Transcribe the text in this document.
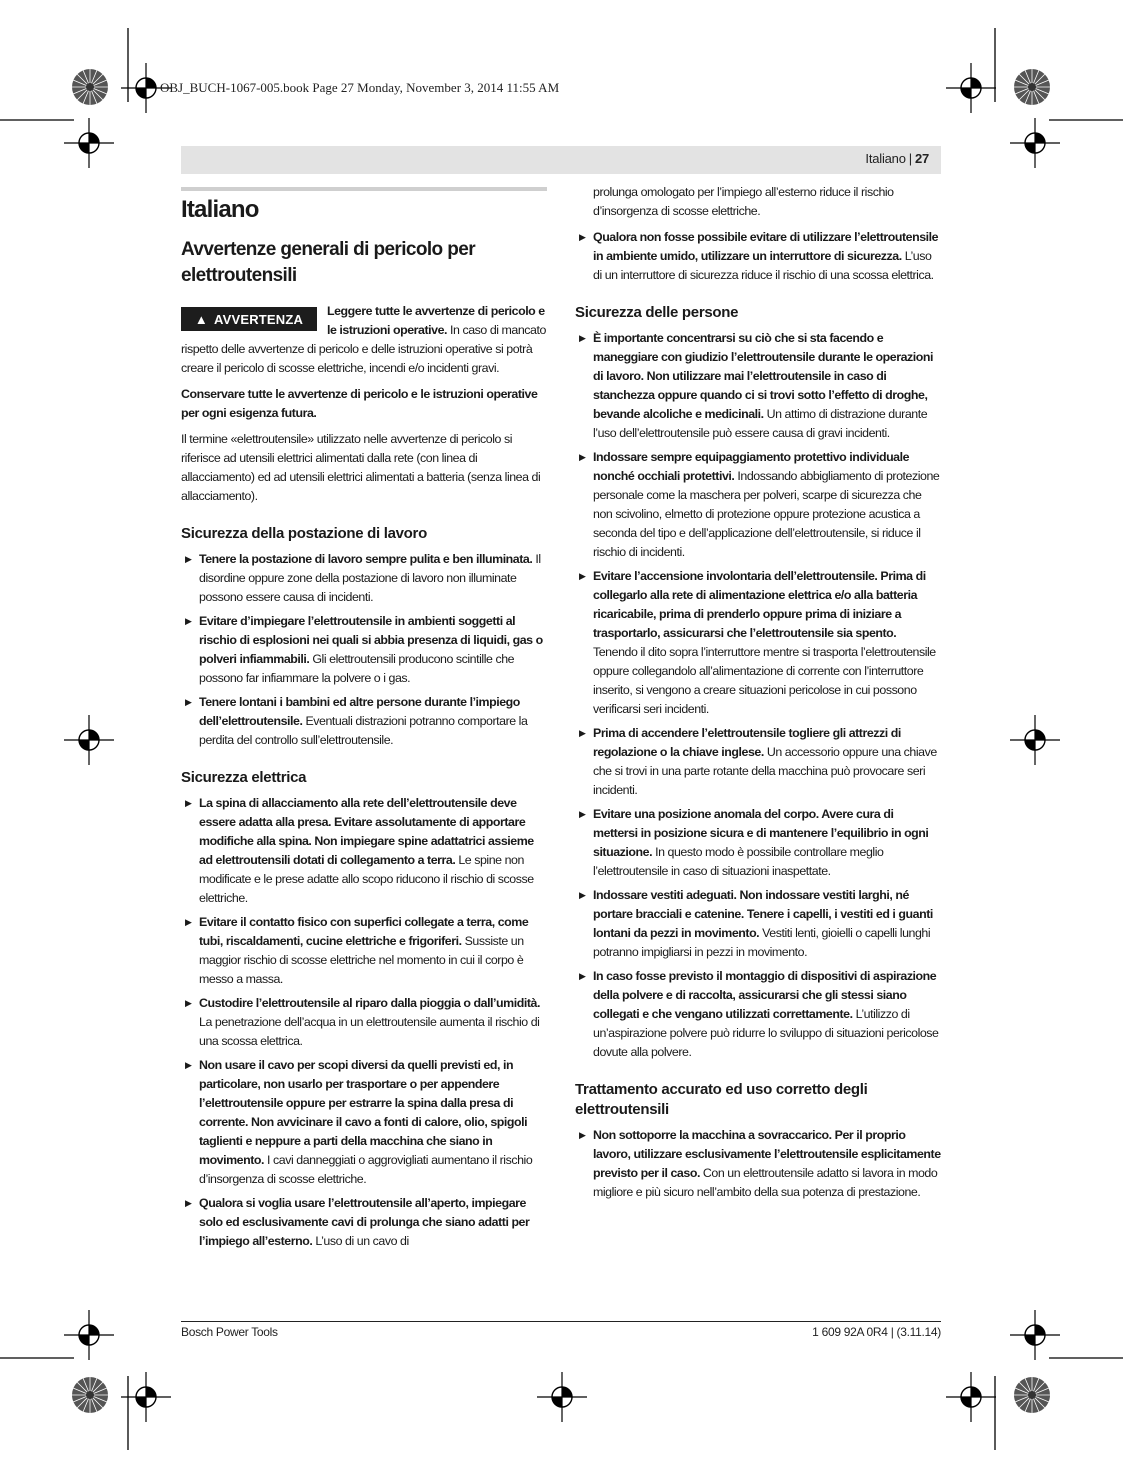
OBJ_BUCH-1067-005.book Page 27 Monday, November 3, 2014 11:55 AM
Italiano | 27
Italiano
Avvertenze generali di pericolo per elettroutensili
▲ AVVERTENZA
Leggere tutte le avvertenze di pericolo e le istruzioni operative. In caso di mancato rispetto delle avvertenze di pericolo e delle istruzioni operative si potrà creare il pericolo di scosse elettriche, incendi e/o incidenti gravi.

Conservare tutte le avvertenze di pericolo e le istruzioni operative per ogni esigenza futura.

Il termine «elettroutensile» utilizzato nelle avvertenze di pericolo si riferisce ad utensili elettrici alimentati dalla rete (con linea di allacciamento) ed ad utensili elettrici alimentati a batteria (senza linea di allacciamento).

Sicurezza della postazione di lavoro

▶ Tenere la postazione di lavoro sempre pulita e ben illuminata. Il disordine oppure zone della postazione di lavoro non illuminate possono essere causa di incidenti.

▶ Evitare d’impiegare l’elettroutensile in ambienti soggetti al rischio di esplosioni nei quali si abbia presenza di liquidi, gas o polveri infiammabili. Gli elettroutensili producono scintille che possono far infiammare la polvere o i gas.

▶ Tenere lontani i bambini ed altre persone durante l’impiego dell’elettroutensile. Eventuali distrazioni potranno comportare la perdita del controllo sull’elettroutensile.

Sicurezza elettrica

▶ La spina di allacciamento alla rete dell’elettroutensile deve essere adatta alla presa. Evitare assolutamente di apportare modifiche alla spina. Non impiegare spine adattatrici assieme ad elettroutensili dotati di collegamento a terra. Le spine non modificate e le prese adatte allo scopo riducono il rischio di scosse elettriche.

▶ Evitare il contatto fisico con superfici collegate a terra, come tubi, riscaldamenti, cucine elettriche e frigoriferi. Sussiste un maggior rischio di scosse elettriche nel momento in cui il corpo è messo a massa.

▶ Custodire l’elettroutensile al riparo dalla pioggia o dall’umidità. La penetrazione dell’acqua in un elettroutensile aumenta il rischio di una scossa elettrica.

▶ Non usare il cavo per scopi diversi da quelli previsti ed, in particolare, non usarlo per trasportare o per appendere l’elettroutensile oppure per estrarre la spina dalla presa di corrente. Non avvicinare il cavo a fonti di calore, olio, spigoli taglienti e neppure a parti della macchina che siano in movimento. I cavi danneggiati o aggrovigliati aumentano il rischio d’insorgenza di scosse elettriche.

▶ Qualora si voglia usare l’elettroutensile all’aperto, impiegare solo ed esclusivamente cavi di prolunga che siano adatti per l’impiego all’esterno. L’uso di un cavo di

prolunga omologato per l’impiego all’esterno riduce il rischio d’insorgenza di scosse elettriche.

▶ Qualora non fosse possibile evitare di utilizzare l’elettroutensile in ambiente umido, utilizzare un interruttore di sicurezza. L’uso di un interruttore di sicurezza riduce il rischio di una scossa elettrica.

Sicurezza delle persone

▶ È importante concentrarsi su ciò che si sta facendo e maneggiare con giudizio l’elettroutensile durante le operazioni di lavoro. Non utilizzare mai l’elettroutensile in caso di stanchezza oppure quando ci si trovi sotto l’effetto di droghe, bevande alcoliche e medicinali. Un attimo di distrazione durante l’uso dell’elettroutensile può essere causa di gravi incidenti.

▶ Indossare sempre equipaggiamento protettivo individuale nonché occhiali protettivi. Indossando abbigliamento di protezione personale come la maschera per polveri, scarpe di sicurezza che non scivolino, elmetto di protezione oppure protezione acustica a seconda del tipo e dell’applicazione dell’elettroutensile, si riduce il rischio di incidenti.

▶ Evitare l’accensione involontaria dell’elettroutensile. Prima di collegarlo alla rete di alimentazione elettrica e/o alla batteria ricaricabile, prima di prenderlo oppure prima di iniziare a trasportarlo, assicurarsi che l’elettroutensile sia spento. Tenendo il dito sopra l’interruttore mentre si trasporta l’elettroutensile oppure collegandolo all’alimentazione di corrente con l’interruttore inserito, si vengono a creare situazioni pericolose in cui possono verificarsi seri incidenti.

▶ Prima di accendere l’elettroutensile togliere gli attrezzi di regolazione o la chiave inglese. Un accessorio oppure una chiave che si trovi in una parte rotante della macchina può provocare seri incidenti.

▶ Evitare una posizione anomala del corpo. Avere cura di mettersi in posizione sicura e di mantenere l’equilibrio in ogni situazione. In questo modo è possibile controllare meglio l’elettroutensile in caso di situazioni inaspettate.

▶ Indossare vestiti adeguati. Non indossare vestiti larghi, né portare bracciali e catenine. Tenere i capelli, i vestiti ed i guanti lontani da pezzi in movimento. Vestiti lenti, gioielli o capelli lunghi potranno impigliarsi in pezzi in movimento.

▶ In caso fosse previsto il montaggio di dispositivi di aspirazione della polvere e di raccolta, assicurarsi che gli stessi siano collegati e che vengano utilizzati correttamente. L’utilizzo di un’aspirazione polvere può ridurre lo sviluppo di situazioni pericolose dovute alla polvere.

Trattamento accurato ed uso corretto degli elettroutensili

▶ Non sottoporre la macchina a sovraccarico. Per il proprio lavoro, utilizzare esclusivamente l’elettroutensile esplicitamente previsto per il caso. Con un elettroutensile adatto si lavora in modo migliore e più sicuro nell’ambito della sua potenza di prestazione.

Bosch Power Tools	1 609 92A 0R4 | (3.11.14)
